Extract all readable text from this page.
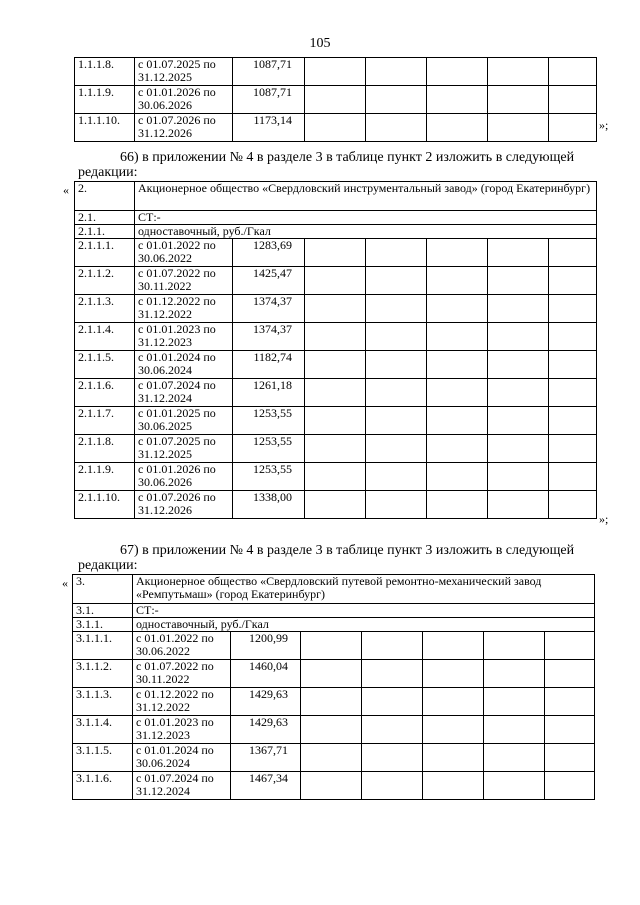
105
1.1.1.8.	с 01.07.2025 по 31.12.2025	1087,71					
1.1.1.9.	с 01.01.2026 по 30.06.2026	1087,71					
1.1.1.10.	с 01.07.2026 по 31.12.2026	1173,14						»;
66) в приложении № 4 в разделе 3 в таблице пункт 2 изложить в следующей
редакции:
« 2.	Акционерное общество «Свердловский инструментальный завод» (город Екатеринбург)						
2.1.	СТ:-						
2.1.1.	одноставочный, руб./Гкал						
2.1.1.1.	с 01.01.2022 по 30.06.2022	1283,69					
2.1.1.2.	с 01.07.2022 по 30.11.2022	1425,47					
2.1.1.3.	с 01.12.2022 по 31.12.2022	1374,37					
2.1.1.4.	с 01.01.2023 по 31.12.2023	1374,37					
2.1.1.5.	с 01.01.2024 по 30.06.2024	1182,74					
2.1.1.6.	с 01.07.2024 по 31.12.2024	1261,18					
2.1.1.7.	с 01.01.2025 по 30.06.2025	1253,55					
2.1.1.8.	с 01.07.2025 по 31.12.2025	1253,55					
2.1.1.9.	с 01.01.2026 по 30.06.2026	1253,55					
2.1.1.10.	с 01.07.2026 по 31.12.2026	1338,00					
»;
67) в приложении № 4 в разделе 3 в таблице пункт 3 изложить в следующей
редакции:
« 3.	Акционерное общество «Свердловский путевой ремонтно-механический завод «Ремпутьмаш» (город Екатеринбург)						
3.1.	СТ:-						
3.1.1.	одноставочный, руб./Гкал						
3.1.1.1.	с 01.01.2022 по 30.06.2022	1200,99					
3.1.1.2.	с 01.07.2022 по 30.11.2022	1460,04					
3.1.1.3.	с 01.12.2022 по 31.12.2022	1429,63					
3.1.1.4.	с 01.01.2023 по 31.12.2023	1429,63					
3.1.1.5.	с 01.01.2024 по 30.06.2024	1367,71					
3.1.1.6.	с 01.07.2024 по 31.12.2024	1467,34					
